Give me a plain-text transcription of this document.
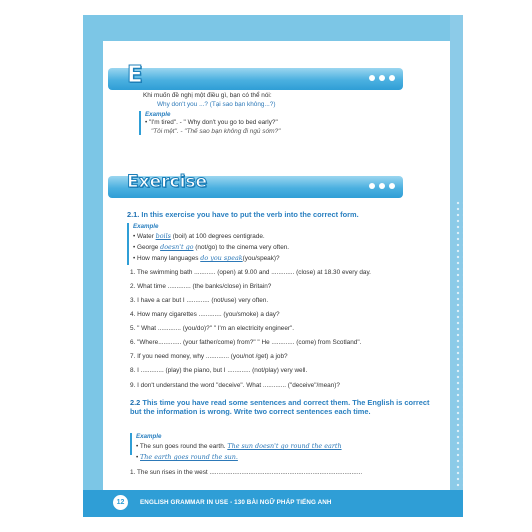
E
Khi muốn đề nghị một điều gì, bạn có thể nói:
Why don't you ...? (Tại sao bạn không...?)
Example
• "I'm tired". - " Why don't you go to bed early?"
"Tôi mệt". - "Thế sao bạn không đi ngủ sớm?"
Exercise
2.1. In this exercise you have to put the verb into the correct form.
Example
• Water boils (boil) at 100 degrees centigrade.
• George doesn't go (not/go) to the cinema very often.
• How many languages do you speak(you/speak)?
1. The swimming bath ............ (open) at 9.00 and ............. (close) at 18.30 every day.
2. What time ............. (the banks/close) in Britain?
3. I have a car but I ............. (not/use) very often.
4. How many cigarettes ............. (you/smoke) a day?
5. " What ............. (you/do)?" " I'm an electricity engineer".
6. "Where............. (your father/come) from?" " He ............. (come) from Scotland".
7. If you need money, why ............. (you/not /get) a job?
8. I ............. (play) the piano, but I ............. (not/play) very well.
9. I don't understand the word "deceive". What ............. ("deceive"/mean)?
2.2 This time you have read some sentences and correct them. The English is correct but the information is wrong. Write two correct sentences each time.
Example
• The sun goes round the earth. The sun doesn't go round the earth
• The earth goes round the sun.
1. The sun rises in the west ......................................................................................
12	ENGLISH GRAMMAR IN USE - 130 BÀI NGỮ PHÁP TIẾNG ANH
